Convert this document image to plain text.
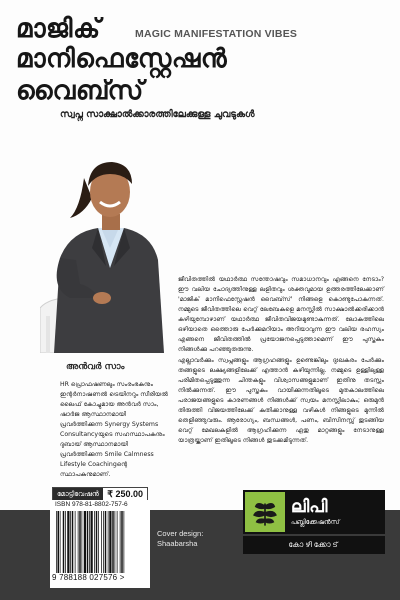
മാജിക്	MAGIC MANIFESTATION VIBES
മാനിഫെസ്റ്റേഷൻ
വൈബ്സ്
സ്വപ്ന സാക്ഷാൽക്കാരത്തിലേക്കുള്ള ചുവടുകൾ
ജീവിതത്തിൽ യഥാർത്ഥ സന്തോഷവും സമാധാനവും എങ്ങനെ നേടാം? ഈ വലിയ ചോദ്യത്തിനുള്ള ലളിതവും ശക്തവുമായ ഉത്തരത്തിലേക്കാണ് 'മാജിക് മാനിഫെസ്റ്റേഷൻ വൈബ്സ്' നിങ്ങളെ കൊണ്ടുപോകുന്നത്. നമ്മുടെ ജീവിതത്തിലെ വെറ്റ് ലേബേകളെ മനസ്സിൽ സാക്ഷാൽക്കരിക്കാൻ കഴിയുമ്പോഴാണ് യഥാർത്ഥ ജീവിതവിജയമുണ്ടാകുന്നത്. ലോകത്തിലെ ഒഴിയാതെ ഒത്തൊരു പേർക്കുമറിയാം അറിയാവുന്ന ഈ വലിയ രഹസ്യം എങ്ങനെ ജീവിതത്തിൽ പ്രയോജനപ്പെടുത്താമെന്ന് ഈ പുസ്തകം നിങ്ങൾക്കു പറഞ്ഞുതരുന്നു.
എല്ലാവർക്കും സ്വപ്നങ്ങളും ആഗ്രഹങ്ങളും ഉണ്ടെങ്കിലും ദുഃഖകരം പേർക്കും തങ്ങളുടെ ലക്ഷ്യങ്ങളിലേക്ക് എത്താൻ കഴിയുന്നില്ല. നമ്മുടെ ഉള്ളിലുള്ള പരിമിതപ്പെടുത്തുന്ന ചിന്തകളും വിശ്വാസങ്ങളുമാണ് ഇതിനു തടസ്സം നിൽക്കുന്നത്. ഈ പുസ്തകം വായിക്കുന്നതിലൂടെ മുതകാലത്തിലെ പരാജയങ്ങളുടെ കാരണങ്ങൾ നിങ്ങൾക്ക് സ്വയം മനസ്സിലാകും; ഒരുമുൻ തിരുത്തി വിജയത്തിലേക്ക് കുതിക്കാനുള്ള വഴികൾ നിങ്ങളുടെ മുന്നിൽ തെളിഞ്ഞുവരും. ആരോഗ്യം, ബന്ധങ്ങൾ, പണം, ബിസിനസ്സ് തുടങ്ങിയ വെറ്റ് മേഖലകളിൽ ആഗ്രഹിക്കുന്ന ഏതു മാറ്റങ്ങളും നേടാനുള്ള യാത്രയ്ക്കാണ് ഇതിലൂടെ നിങ്ങൾ തുടക്കമിടുന്നത്.
അൻവർ സാം
HR പ്രൊഫഷണലും സംരംഭകനും ഇന്റർനാഷണൽ ട്രെയിനറും സീരിയൽ ലൈഫ് കോച്ചുമായ അൻവർ സാം, ഷാർജ ആസ്ഥാനമായി പ്രവർത്തിക്കുന്ന Synergy Systems Consultancyയുടെ സഹസ്ഥാപകനും ദുബായ് ആസ്ഥാനമായി പ്രവർത്തിക്കുന്ന Smile Calmness Lifestyle Coachingന്റെ സ്ഥാപകനുമാണ്.
മോട്ടിവേഷൻ ₹ 250.00
ISBN 978-81-8802-757-6
9 788188 027576 >
Cover design:
Shaabarsha
ലിപി
പബ്ലിക്കേഷൻസ്
കോഴിക്കോട്
